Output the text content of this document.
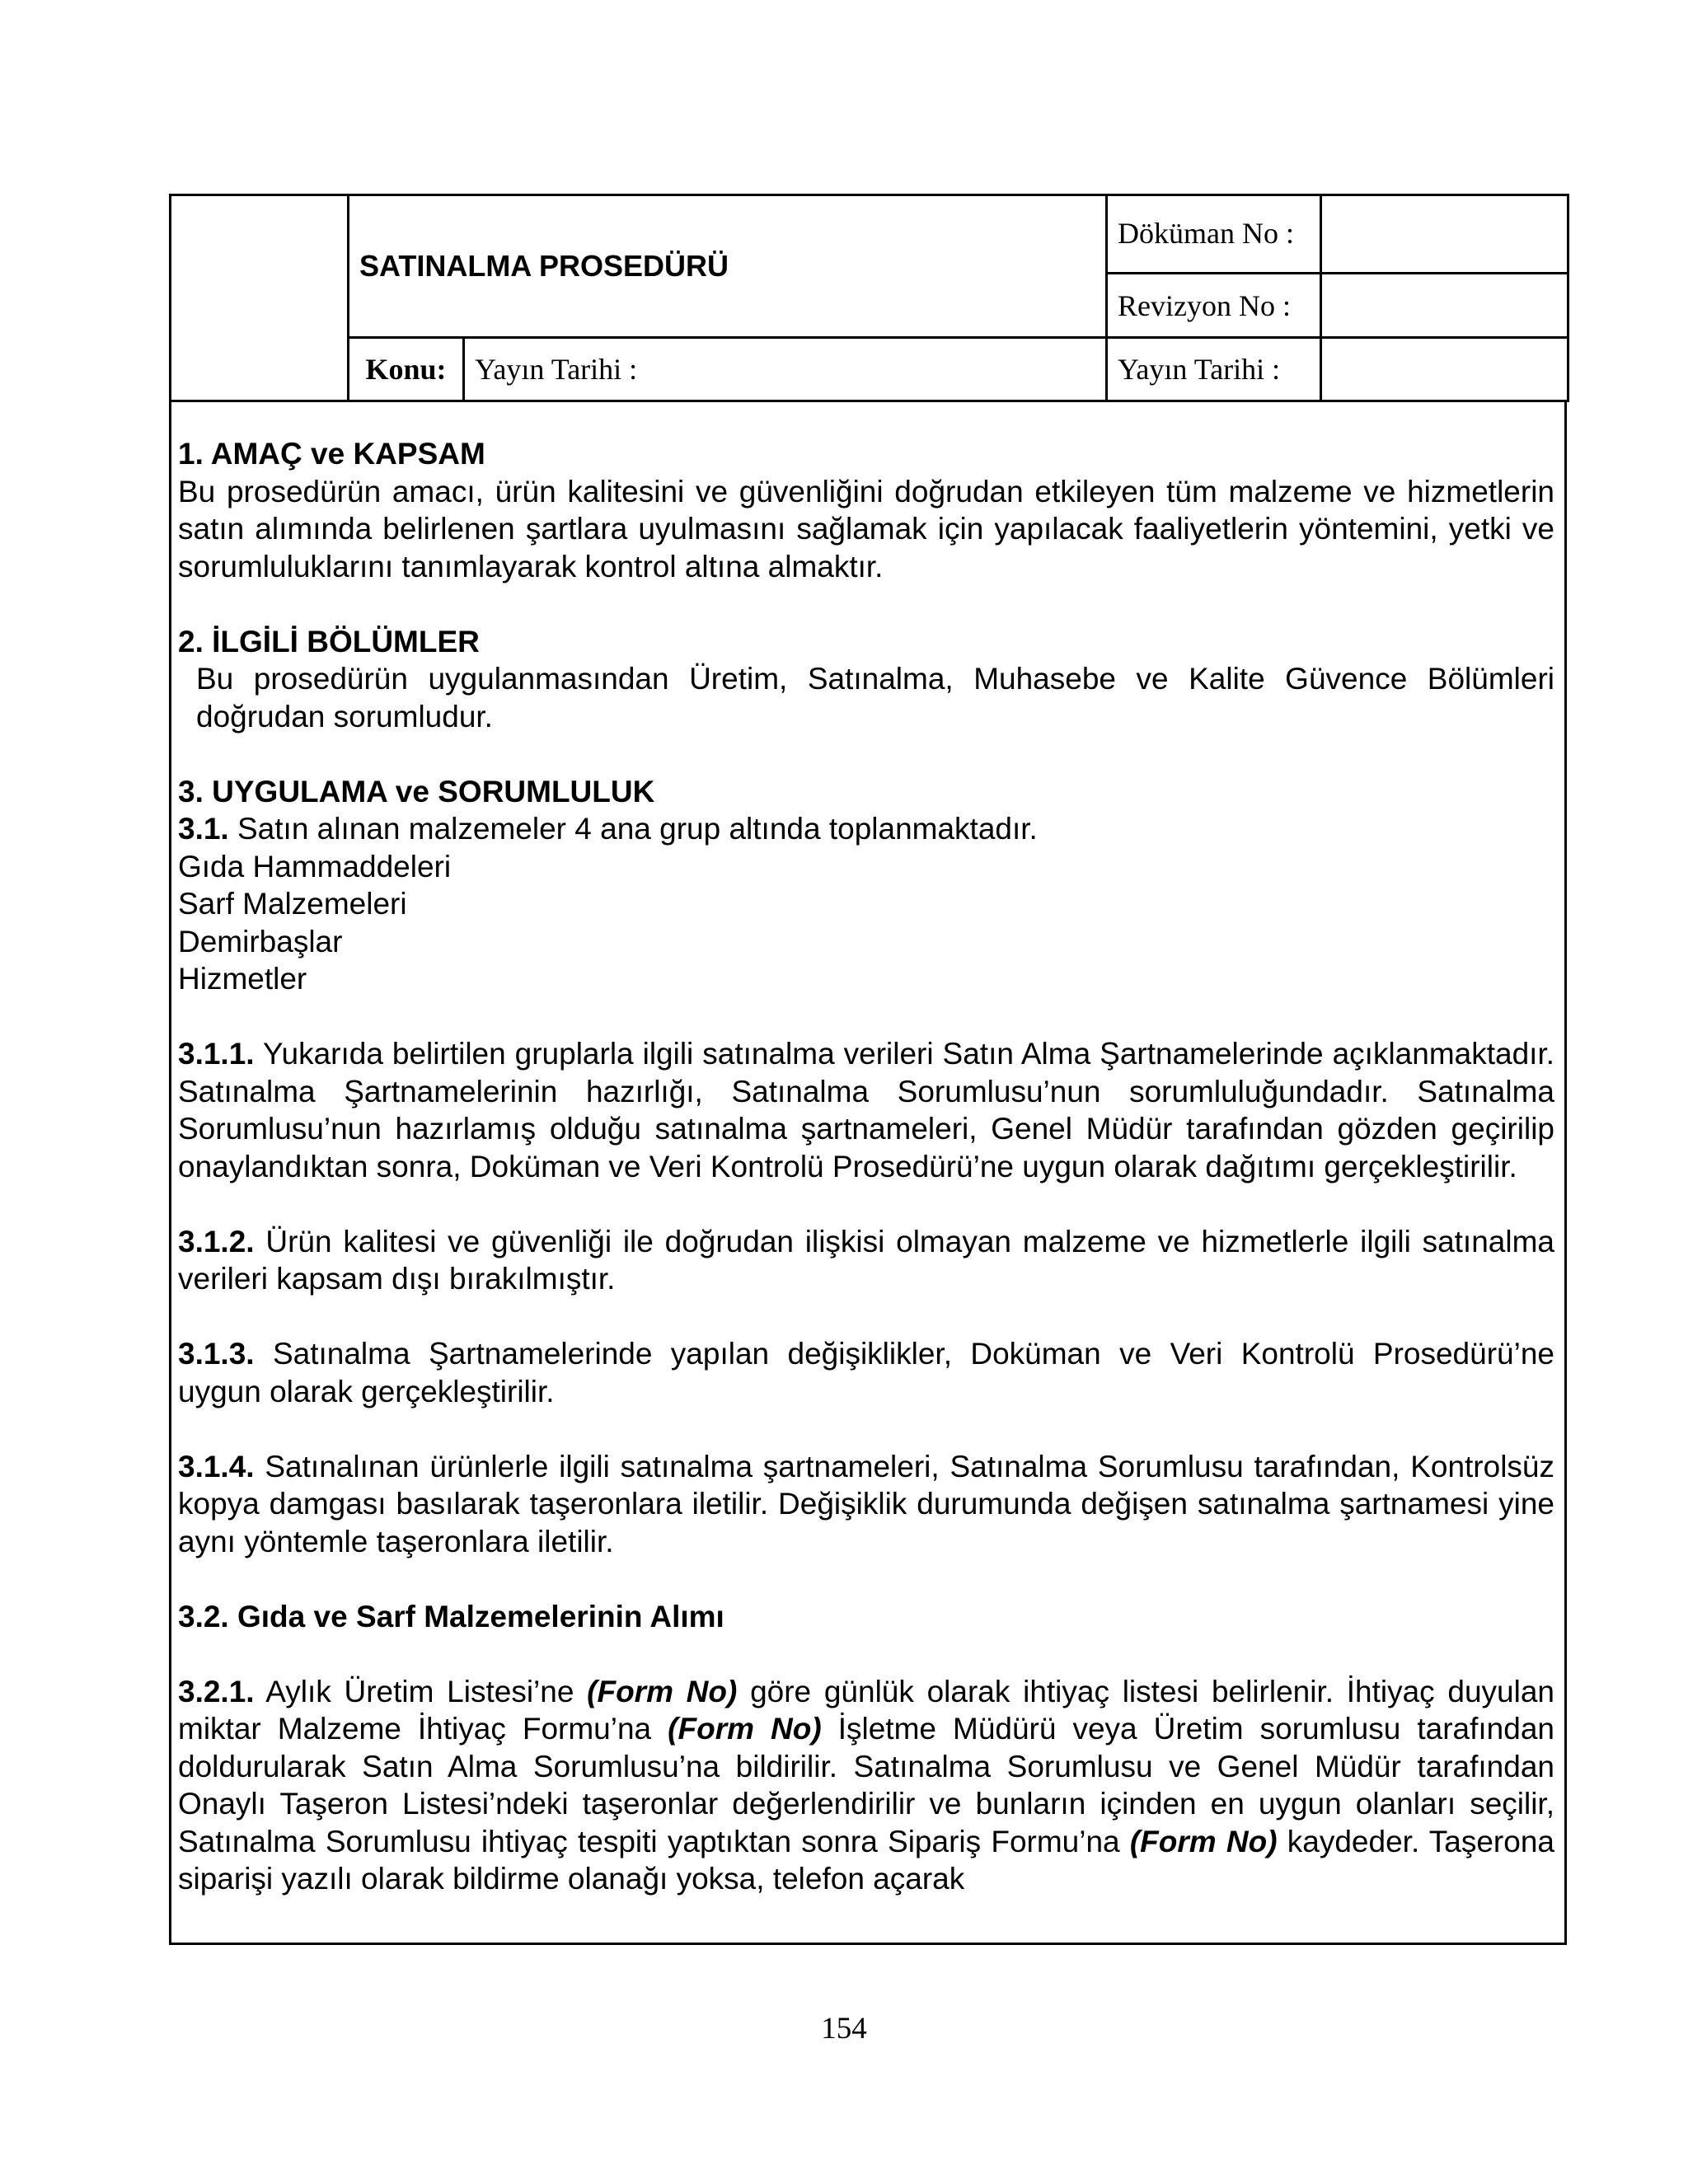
	SATINALMA PROSEDÜRÜ		Döküman No :	
			Revizyon No :	
	Konu:	Yayın Tarihi :	Yayın Tarihi :	
1. AMAÇ ve KAPSAM

Bu prosedürün amacı, ürün kalitesini ve güvenliğini doğrudan etkileyen tüm malzeme ve hizmetlerin satın alımında belirlenen şartlara uyulmasını sağlamak için yapılacak faaliyetlerin yöntemini, yetki ve sorumluluklarını tanımlayarak kontrol altına almaktır.

2. İLGİLİ BÖLÜMLER

Bu prosedürün uygulanmasından Üretim, Satınalma, Muhasebe ve Kalite Güvence Bölümleri doğrudan sorumludur.

3. UYGULAMA ve SORUMLULUK

3.1. Satın alınan malzemeler 4 ana grup altında toplanmaktadır.

Gıda Hammaddeleri
Sarf Malzemeleri
Demirbaşlar
Hizmetler

3.1.1. Yukarıda belirtilen gruplarla ilgili satınalma verileri Satın Alma Şartnamelerinde açıklanmaktadır. Satınalma Şartnamelerinin hazırlığı, Satınalma Sorumlusu’nun sorumluluğundadır. Satınalma Sorumlusu’nun hazırlamış olduğu satınalma şartnameleri, Genel Müdür tarafından gözden geçirilip onaylandıktan sonra, Doküman ve Veri Kontrolü Prosedürü’ne uygun olarak dağıtımı gerçekleştirilir.

3.1.2. Ürün kalitesi ve güvenliği ile doğrudan ilişkisi olmayan malzeme ve hizmetlerle ilgili satınalma verileri kapsam dışı bırakılmıştır.

3.1.3. Satınalma Şartnamelerinde yapılan değişiklikler, Doküman ve Veri Kontrolü Prosedürü’ne uygun olarak gerçekleştirilir.

3.1.4. Satınalınan ürünlerle ilgili satınalma şartnameleri, Satınalma Sorumlusu tarafından, Kontrolsüz kopya damgası basılarak taşeronlara iletilir. Değişiklik durumunda değişen satınalma şartnamesi yine aynı yöntemle taşeronlara iletilir.

3.2. Gıda ve Sarf Malzemelerinin Alımı

3.2.1. Aylık Üretim Listesi’ne (Form No) göre günlük olarak ihtiyaç listesi belirlenir. İhtiyaç duyulan miktar Malzeme İhtiyaç Formu’na (Form No) İşletme Müdürü veya Üretim sorumlusu tarafından doldurularak Satın Alma Sorumlusu’na bildirilir. Satınalma Sorumlusu ve Genel Müdür tarafından Onaylı Taşeron Listesi’ndeki taşeronlar değerlendirilir ve bunların içinden en uygun olanları seçilir, Satınalma Sorumlusu ihtiyaç tespiti yaptıktan sonra Sipariş Formu’na (Form No) kaydeder. Taşerona siparişi yazılı olarak bildirme olanağı yoksa, telefon açarak

154
